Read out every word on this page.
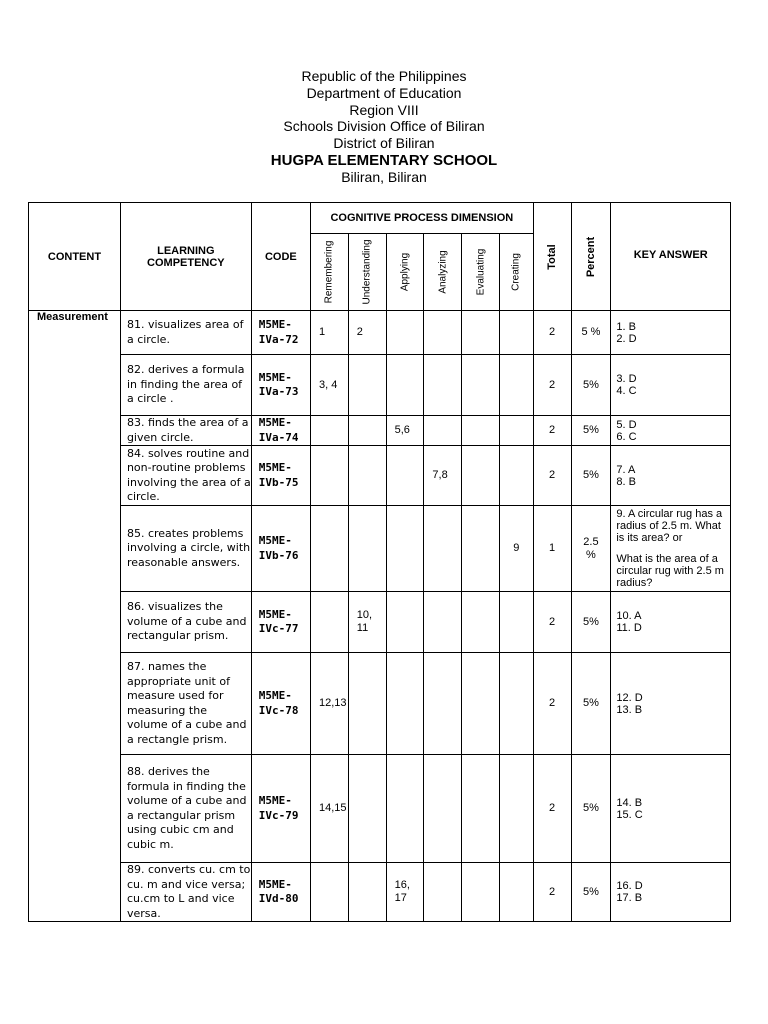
Republic of the Philippines
Department of Education
Region VIII
Schools Division Office of Biliran
District of Biliran
HUGPA ELEMENTARY SCHOOL
Biliran, Biliran
CONTENT	LEARNING COMPETENCY	CODE	COGNITIVE PROCESS DIMENSION						Total	Percent	KEY ANSWER

			Remembering	Understanding	Applying	Analyzing	Evaluating	Creating			

Measurement	81. visualizes area of a circle.	M5ME-IVa-72	1	2					2	5 %	1. B
2. D

	82. derives a formula in finding the area of a circle .	M5ME-IVa-73	3, 4						2	5%	3. D
4. C

	83. finds the area of a given circle.	M5ME-IVa-74			5,6				2	5%	5. D
6. C

	84. solves routine and non-routine problems involving the area of a circle.	M5ME-IVb-75				7,8			2	5%	7. A
8. B

	85. creates problems involving a circle, with reasonable answers.	M5ME-IVb-76						9	1	2.5 %	9. A circular rug has a radius of 2.5 m. What is its area? or
What is the area of a circular rug with 2.5 m radius?

	86. visualizes the volume of a cube and rectangular prism.	M5ME-IVc-77		10, 11					2	5%	10. A
11. D

	87. names the appropriate unit of measure used for measuring the volume of a cube and a rectangle prism.	M5ME-IVc-78	12,13						2	5%	12. D
13. B

	88. derives the formula in finding the volume of a cube and a rectangular prism using cubic cm and cubic m.	M5ME-IVc-79	14,15						2	5%	14. B
15. C

	89. converts cu. cm to cu. m and vice versa; cu.cm to L and vice versa.	M5ME-IVd-80			16, 17				2	5%	16. D
17. B
